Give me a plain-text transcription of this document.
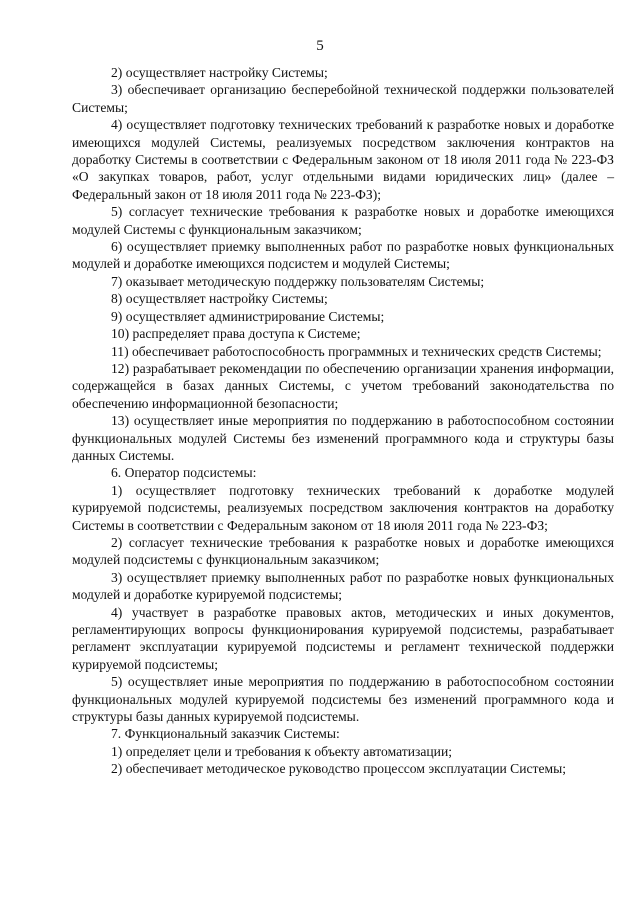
5

2) осуществляет настройку Системы;

3) обеспечивает организацию бесперебойной технической поддержки пользователей Системы;

4) осуществляет подготовку технических требований к разработке новых и доработке имеющихся модулей Системы, реализуемых посредством заключения контрактов на доработку Системы в соответствии с Федеральным законом от 18 июля 2011 года № 223-ФЗ «О закупках товаров, работ, услуг отдельными видами юридических лиц» (далее – Федеральный закон от 18 июля 2011 года № 223-ФЗ);

5) согласует технические требования к разработке новых и доработке имеющихся модулей Системы с функциональным заказчиком;

6) осуществляет приемку выполненных работ по разработке новых функциональных модулей и доработке имеющихся подсистем и модулей Системы;

7) оказывает методическую поддержку пользователям Системы;

8) осуществляет настройку Системы;

9) осуществляет администрирование Системы;

10) распределяет права доступа к Системе;

11) обеспечивает работоспособность программных и технических средств Системы;

12) разрабатывает рекомендации по обеспечению организации хранения информации, содержащейся в базах данных Системы, с учетом требований законодательства по обеспечению информационной безопасности;

13) осуществляет иные мероприятия по поддержанию в работоспособном состоянии функциональных модулей Системы без изменений программного кода и структуры базы данных Системы.

6. Оператор подсистемы:

1) осуществляет подготовку технических требований к доработке модулей курируемой подсистемы, реализуемых посредством заключения контрактов на доработку Системы в соответствии с Федеральным законом от 18 июля 2011 года № 223-ФЗ;

2) согласует технические требования к разработке новых и доработке имеющихся модулей подсистемы с функциональным заказчиком;

3) осуществляет приемку выполненных работ по разработке новых функциональных модулей и доработке курируемой подсистемы;

4) участвует в разработке правовых актов, методических и иных документов, регламентирующих вопросы функционирования курируемой подсистемы, разрабатывает регламент эксплуатации курируемой подсистемы и регламент технической поддержки курируемой подсистемы;

5) осуществляет иные мероприятия по поддержанию в работоспособном состоянии функциональных модулей курируемой подсистемы без изменений программного кода и структуры базы данных курируемой подсистемы.

7. Функциональный заказчик Системы:

1) определяет цели и требования к объекту автоматизации;

2) обеспечивает методическое руководство процессом эксплуатации Системы;
